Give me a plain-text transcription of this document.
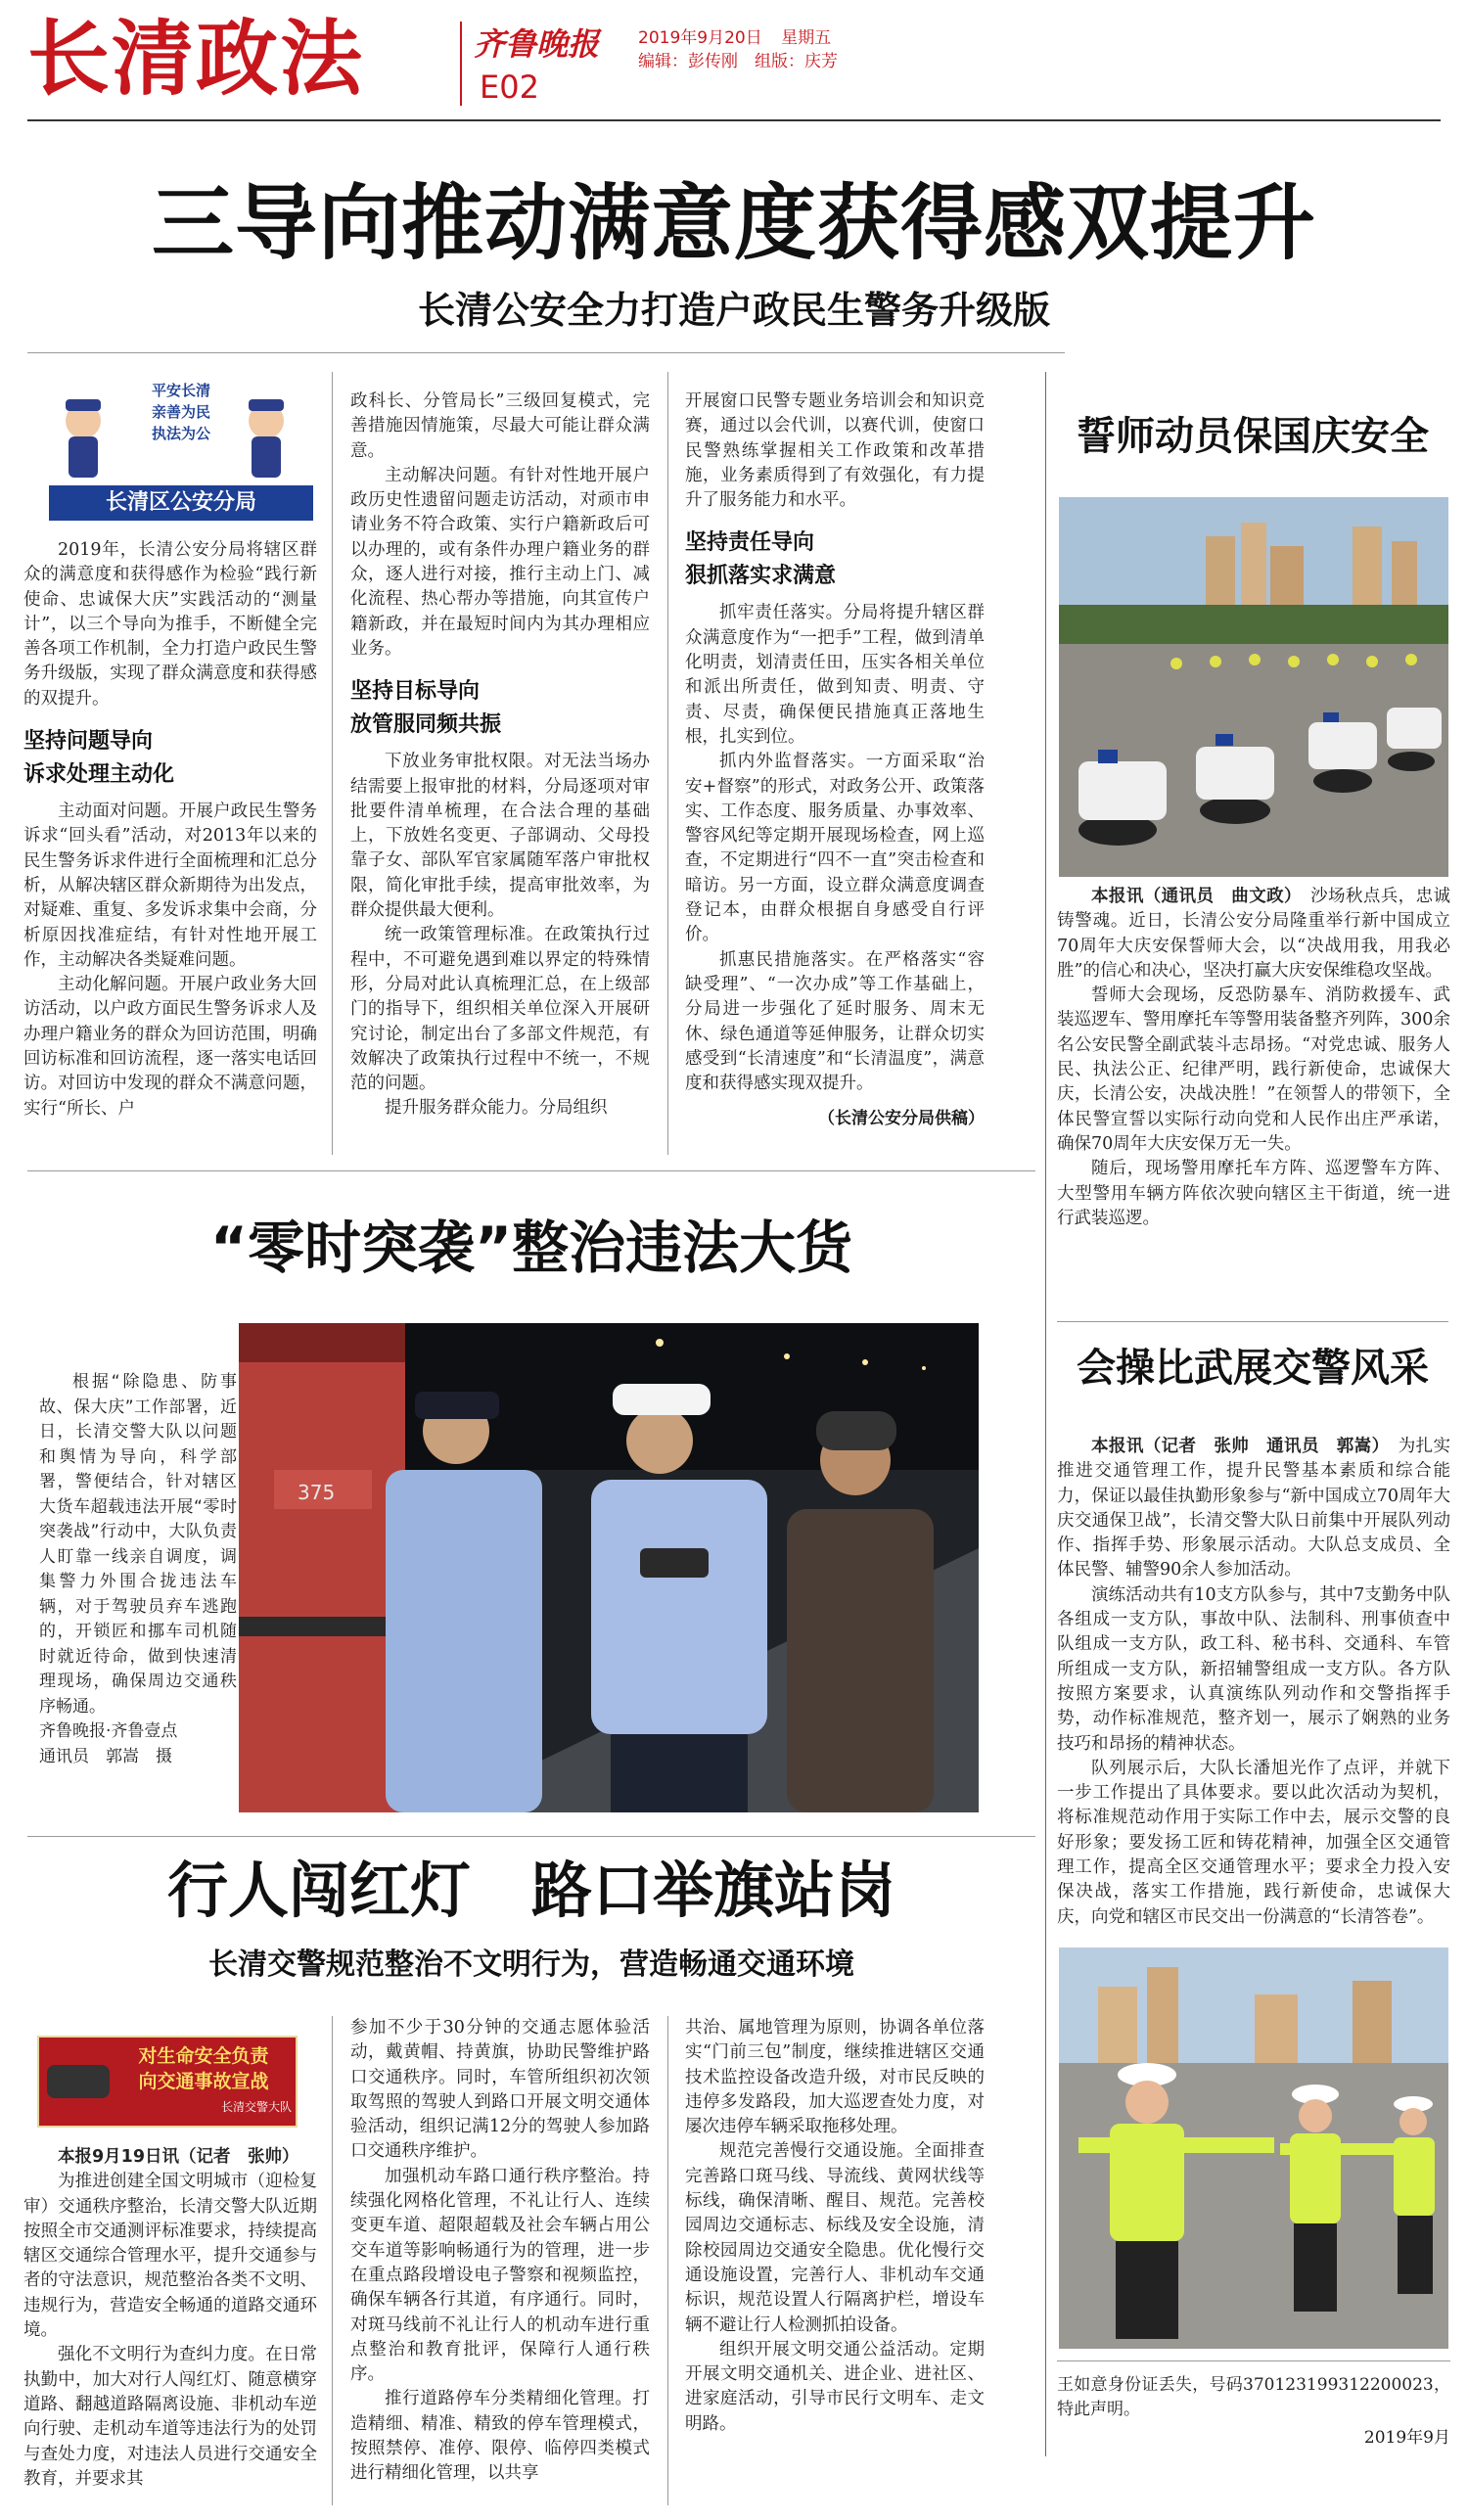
长清政法	齐鲁晚报
E02
2019年9月20日 星期五
编辑：彭传刚　组版：庆芳
三导向推动满意度获得感双提升
长清公安全力打造户政民生警务升级版
平安长清
亲善为民
执法为公
长清区公安分局

2019年，长清公安分局将辖区群众的满意度和获得感作为检验“践行新使命、忠诚保大庆”实践活动的“测量计”，以三个导向为推手，不断健全完善各项工作机制，全力打造户政民生警务升级版，实现了群众满意度和获得感的双提升。

坚持问题导向
诉求处理主动化

主动面对问题。开展户政民生警务诉求“回头看”活动，对2013年以来的民生警务诉求件进行全面梳理和汇总分析，从解决辖区群众新期待为出发点，对疑难、重复、多发诉求集中会商，分析原因找准症结，有针对性地开展工作，主动解决各类疑难问题。

主动化解问题。开展户政业务大回访活动，以户政方面民生警务诉求人及办理户籍业务的群众为回访范围，明确回访标准和回访流程，逐一落实电话回访。对回访中发现的群众不满意问题，实行“所长、户

政科长、分管局长”三级回复模式，完善措施因情施策，尽最大可能让群众满意。

主动解决问题。有针对性地开展户政历史性遗留问题走访活动，对顽市申请业务不符合政策、实行户籍新政后可以办理的，或有条件办理户籍业务的群众，逐人进行对接，推行主动上门、减化流程、热心帮办等措施，向其宣传户籍新政，并在最短时间内为其办理相应业务。

坚持目标导向
放管服同频共振

下放业务审批权限。对无法当场办结需要上报审批的材料，分局逐项对审批要件清单梳理，在合法合理的基础上，下放姓名变更、子部调动、父母投靠子女、部队军官家属随军落户审批权限，简化审批手续，提高审批效率，为群众提供最大便利。

统一政策管理标准。在政策执行过程中，不可避免遇到难以界定的特殊情形，分局对此认真梳理汇总，在上级部门的指导下，组织相关单位深入开展研究讨论，制定出台了多部文件规范，有效解决了政策执行过程中不统一，不规范的问题。

提升服务群众能力。分局组织

开展窗口民警专题业务培训会和知识竞赛，通过以会代训，以赛代训，使窗口民警熟练掌握相关工作政策和改革措施，业务素质得到了有效强化，有力提升了服务能力和水平。

坚持责任导向
狠抓落实求满意

抓牢责任落实。分局将提升辖区群众满意度作为“一把手”工程，做到清单化明责，划清责任田，压实各相关单位和派出所责任，做到知责、明责、守责、尽责，确保便民措施真正落地生根，扎实到位。

抓内外监督落实。一方面采取“治安+督察”的形式，对政务公开、政策落实、工作态度、服务质量、办事效率、警容风纪等定期开展现场检查，网上巡查，不定期进行“四不一直”突击检查和暗访。另一方面，设立群众满意度调查登记本，由群众根据自身感受自行评价。

抓惠民措施落实。在严格落实“容缺受理”、“一次办成”等工作基础上，分局进一步强化了延时服务、周末无休、绿色通道等延伸服务，让群众切实感受到“长清速度”和“长清温度”，满意度和获得感实现双提升。

（长清公安分局供稿）
誓师动员保国庆安全

本报讯（通讯员　曲文政）　 沙场秋点兵，忠诚铸警魂。近日，长清公安分局隆重举行新中国成立70周年大庆安保誓师大会，以“决战用我，用我必胜”的信心和决心，坚决打赢大庆安保维稳攻坚战。

誓师大会现场，反恐防暴车、消防救援车、武装巡逻车、警用摩托车等警用装备整齐列阵，300余名公安民警全副武装斗志昂扬。“对党忠诚、服务人民、执法公正、纪律严明，践行新使命，忠诚保大庆，长清公安，决战决胜！”在领誓人的带领下，全体民警宣誓以实际行动向党和人民作出庄严承诺，确保70周年大庆安保万无一失。

随后，现场警用摩托车方阵、巡逻警车方阵、大型警用车辆方阵依次驶向辖区主干街道，统一进行武装巡逻。

会操比武展交警风采

本报讯（记者　张帅　通讯员　郭嵩）　 为扎实推进交通管理工作，提升民警基本素质和综合能力，保证以最佳执勤形象参与“新中国成立70周年大庆交通保卫战”，长清交警大队日前集中开展队列动作、指挥手势、形象展示活动。大队总支成员、全体民警、辅警90余人参加活动。

演练活动共有10支方队参与，其中7支勤务中队各组成一支方队，事故中队、法制科、刑事侦查中队组成一支方队，政工科、秘书科、交通科、车管所组成一支方队，新招辅警组成一支方队。各方队按照方案要求，认真演练队列动作和交警指挥手势，动作标准规范，整齐划一，展示了娴熟的业务技巧和昂扬的精神状态。

队列展示后，大队长潘旭光作了点评，并就下一步工作提出了具体要求。要以此次活动为契机，将标准规范动作用于实际工作中去，展示交警的良好形象；要发扬工匠和铸花精神，加强全区交通管理工作，提高全区交通管理水平；要求全力投入安保决战，落实工作措施，践行新使命，忠诚保大庆，向党和辖区市民交出一份满意的“长清答卷”。

王如意身份证丢失，号码370123199312200023，特此声明。
2019年9月
“零时突袭”整治违法大货
根据“除隐患、防事故、保大庆”工作部署，近日，长清交警大队以问题和舆情为导向，科学部署，警便结合，针对辖区大货车超载违法开展“零时突袭战”行动中，大队负责人盯靠一线亲自调度，调集警力外围合拢违法车辆，对于驾驶员弃车逃跑的，开锁匠和挪车司机随时就近待命，做到快速清理现场，确保周边交通秩序畅通。
齐鲁晚报·齐鲁壹点
通讯员　郭嵩　摄
375
行人闯红灯　路口举旗站岗
长清交警规范整治不文明行为，营造畅通交通环境
对生命安全负责
向交通事故宣战
长清交警大队

本报9月19日讯（记者　张帅）

为推进创建全国文明城市（迎检复审）交通秩序整治，长清交警大队近期按照全市交通测评标准要求，持续提高辖区交通综合管理水平，提升交通参与者的守法意识，规范整治各类不文明、违规行为，营造安全畅通的道路交通环境。

强化不文明行为查纠力度。在日常执勤中，加大对行人闯红灯、随意横穿道路、翻越道路隔离设施、非机动车逆向行驶、走机动车道等违法行为的处罚与查处力度，对违法人员进行交通安全教育，并要求其

参加不少于30分钟的交通志愿体验活动，戴黄帽、持黄旗，协助民警维护路口交通秩序。同时，车管所组织初次领取驾照的驾驶人到路口开展文明交通体验活动，组织记满12分的驾驶人参加路口交通秩序维护。

加强机动车路口通行秩序整治。持续强化网格化管理，不礼让行人、连续变更车道、超限超载及社会车辆占用公交车道等影响畅通行为的管理，进一步在重点路段增设电子警察和视频监控，确保车辆各行其道，有序通行。同时，对斑马线前不礼让行人的机动车进行重点整治和教育批评，保障行人通行秩序。

推行道路停车分类精细化管理。打造精细、精准、精致的停车管理模式，按照禁停、准停、限停、临停四类模式进行精细化管理，以共享

共治、属地管理为原则，协调各单位落实“门前三包”制度，继续推进辖区交通技术监控设备改造升级，对市民反映的违停多发路段，加大巡逻查处力度，对屡次违停车辆采取拖移处理。

规范完善慢行交通设施。全面排查完善路口斑马线、导流线、黄网状线等标线，确保清晰、醒目、规范。完善校园周边交通标志、标线及安全设施，清除校园周边交通安全隐患。优化慢行交通设施设置，完善行人、非机动车交通标识，规范设置人行隔离护栏，增设车辆不避让行人检测抓拍设备。

组织开展文明交通公益活动。定期开展文明交通机关、进企业、进社区、进家庭活动，引导市民行文明车、走文明路。
